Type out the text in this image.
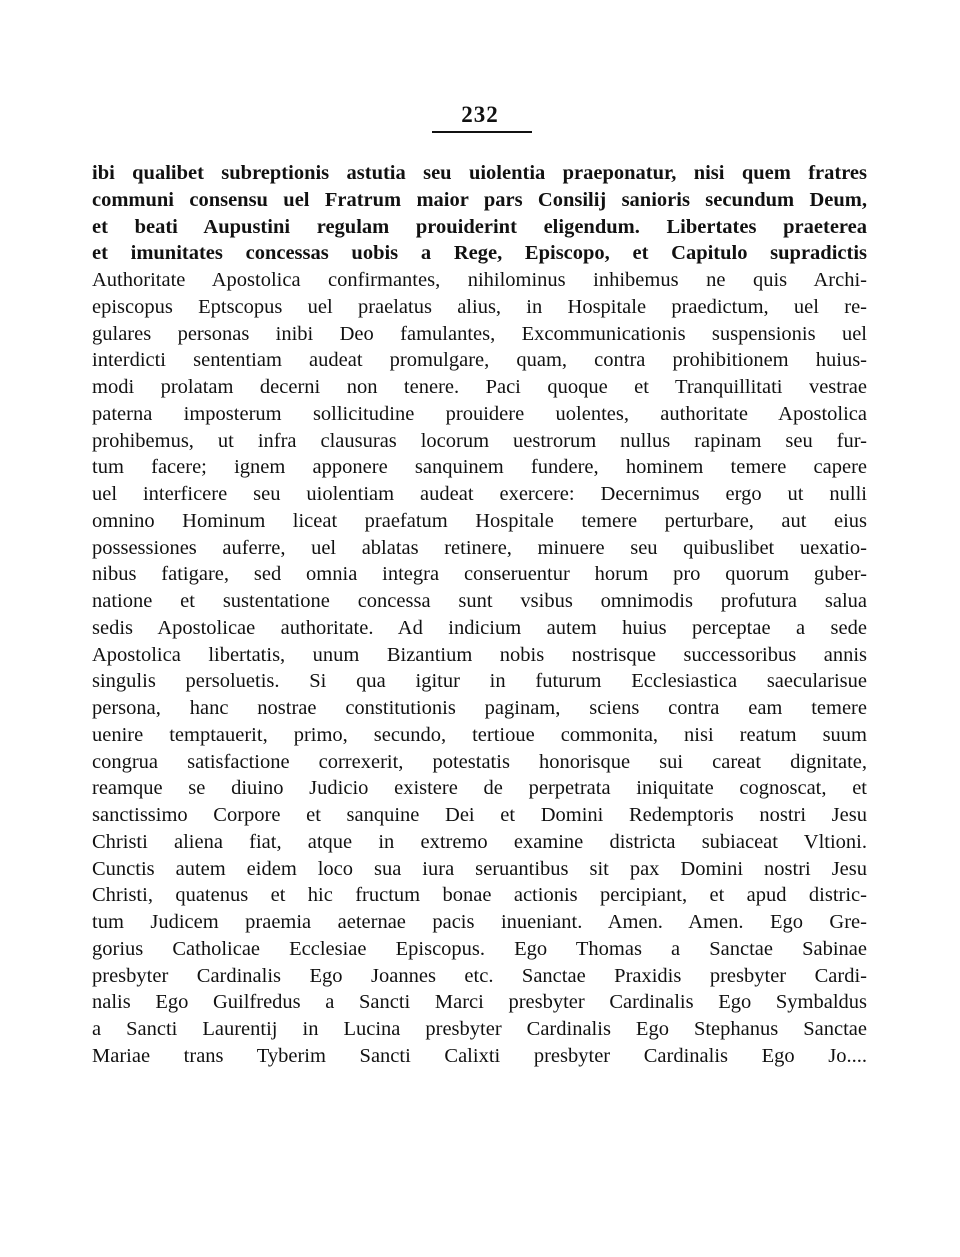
232
ibi qualibet subreptionis astutia seu uiolentia praeponatur, nisi quem fratres
communi consensu uel Fratrum maior pars Consilij sanioris secundum Deum,
et beati Aupustini regulam prouiderint eligendum. Libertates praeterea
et imunitates concessas uobis a Rege, Episcopo, et Capitulo supradictis
Authoritate Apostolica confirmantes, nihilominus inhibemus ne quis Archi-
episcopus Eptscopus uel praelatus alius, in Hospitale praedictum, uel re-
gulares personas inibi Deo famulantes, Excommunicationis suspensionis uel
interdicti sententiam audeat promulgare, quam, contra prohibitionem huius-
modi prolatam decerni non tenere. Paci quoque et Tranquillitati vestrae
paterna imposterum sollicitudine prouidere uolentes, authoritate Apostolica
prohibemus, ut infra clausuras locorum uestrorum nullus rapinam seu fur-
tum facere; ignem apponere sanquinem fundere, hominem temere capere
uel interficere seu uiolentiam audeat exercere: Decernimus ergo ut nulli
omnino Hominum liceat praefatum Hospitale temere perturbare, aut eius
possessiones auferre, uel ablatas retinere, minuere seu quibuslibet uexatio-
nibus fatigare, sed omnia integra conseruentur horum pro quorum guber-
natione et sustentatione concessa sunt vsibus omnimodis profutura salua
sedis Apostolicae authoritate. Ad indicium autem huius perceptae a sede
Apostolica libertatis, unum Bizantium nobis nostrisque successoribus annis
singulis persoluetis. Si qua igitur in futurum Ecclesiastica saecularisue
persona, hanc nostrae constitutionis paginam, sciens contra eam temere
uenire temptauerit, primo, secundo, tertioue commonita, nisi reatum suum
congrua satisfactione correxerit, potestatis honorisque sui careat dignitate,
reamque se diuino Judicio existere de perpetrata iniquitate cognoscat, et
sanctissimo Corpore et sanquine Dei et Domini Redemptoris nostri Jesu
Christi aliena fiat, atque in extremo examine districta subiaceat Vltioni.
Cunctis autem eidem loco sua iura seruantibus sit pax Domini nostri Jesu
Christi, quatenus et hic fructum bonae actionis percipiant, et apud distric-
tum Judicem praemia aeternae pacis inueniant. Amen. Amen. Ego Gre-
gorius Catholicae Ecclesiae Episcopus. Ego Thomas a Sanctae Sabinae
presbyter Cardinalis Ego Joannes etc. Sanctae Praxidis presbyter Cardi-
nalis Ego Guilfredus a Sancti Marci presbyter Cardinalis Ego Symbaldus
a Sancti Laurentij in Lucina presbyter Cardinalis Ego Stephanus Sanctae
Mariae trans Tyberim Sancti Calixti presbyter Cardinalis Ego Jo....
